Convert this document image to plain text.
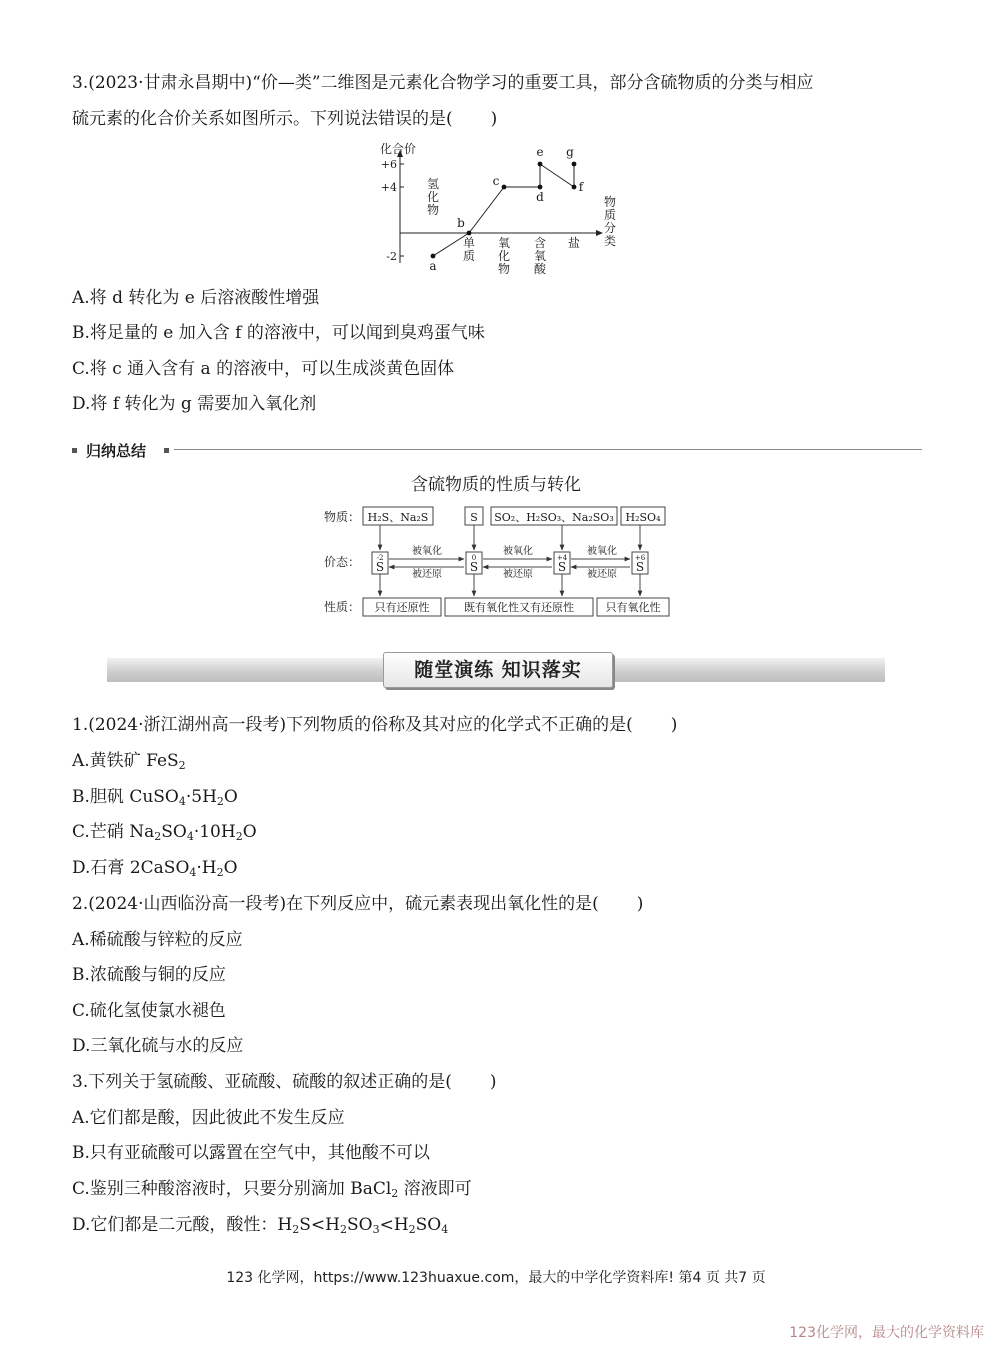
3.(2023·甘肃永昌期中)“价—类”二维图是元素化合物学习的重要工具，部分含硫物质的分类与相应
硫元素的化合价关系如图所示。下列说法错误的是( )
化合价
+6
+4
-2
氢化物
单质
氧化物
含氧酸
盐
物质分类
a
b
c
d
e
f
g
A.将 d 转化为 e 后溶液酸性增强
B.将足量的 e 加入含 f 的溶液中，可以闻到臭鸡蛋气味
C.将 c 通入含有 a 的溶液中，可以生成淡黄色固体
D.将 f 转化为 g 需要加入氧化剂
归纳总结
含硫物质的性质与转化
物质：
价态：
性质：
H₂S、Na₂S	S SO₂、H₂SO₃、Na₂SO₃ H₂SO₄
-2
S
0
S
+4
S
+6
S
被氧化
被还原
被氧化
被还原
被氧化
被还原
只有还原性	既有氧化性又有还原性	只有氧化性
随堂演练 知识落实
1.(2024·浙江湖州高一段考)下列物质的俗称及其对应的化学式不正确的是( )
A.黄铁矿 FeS$_2$
B.胆矾 $CuSO_4\cdot 5H_2O$
C.芒硝 $Na_2SO_4\cdot 10H_2O$
D.石膏 $2CaSO_4\cdot H_2O$
2.(2024·山西临汾高一段考)在下列反应中，硫元素表现出氧化性的是( )
A.稀硫酸与锌粒的反应
B.浓硫酸与铜的反应
C.硫化氢使氯水褪色
D.三氧化硫与水的反应
3.下列关于氢硫酸、亚硫酸、硫酸的叙述正确的是( )
A.它们都是酸，因此彼此不发生反应
B.只有亚硫酸可以露置在空气中，其他酸不可以
C.鉴别三种酸溶液时，只要分别滴加 BaCl$_2$ 溶液即可
D.它们都是二元酸，酸性：$H_2S<H_2SO_3<H_2SO_4$
123 化学网，https://www.123huaxue.com，最大的中学化学资料库! 第4 页 共7 页
123化学网，最大的化学资料库
